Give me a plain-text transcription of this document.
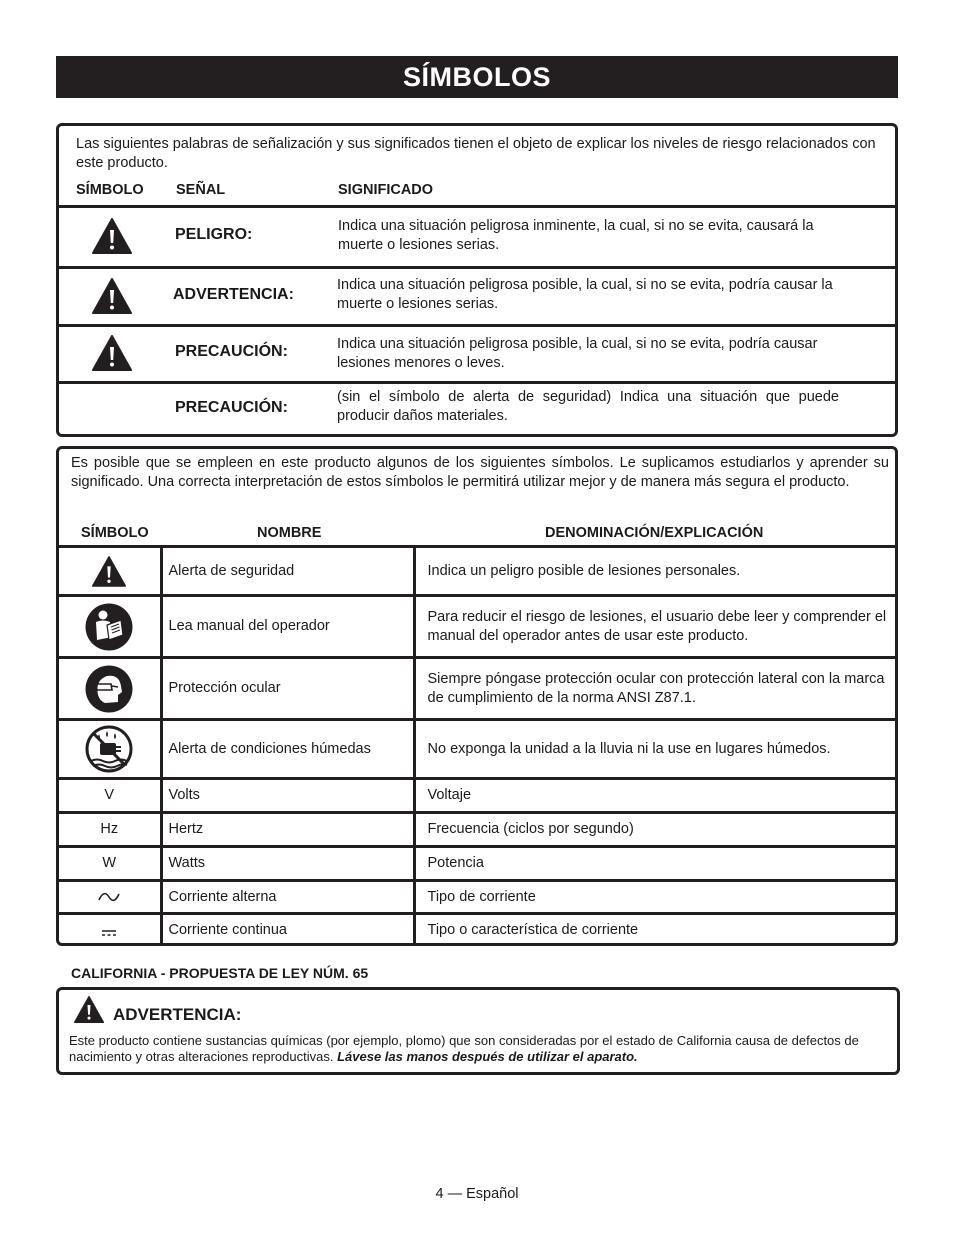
SÍMBOLOS
Las siguientes palabras de señalización y sus significados tienen el objeto de explicar los niveles de riesgo relacionados con este producto.
SÍMBOLO SEÑAL	SIGNIFICADO
PELIGRO:	Indica una situación peligrosa inminente, la cual, si no se evita, causará la muerte o lesiones serias.
ADVERTENCIA:
Indica una situación peligrosa posible, la cual, si no se evita, podría causar la muerte o lesiones serias.
PRECAUCIÓN:	Indica una situación peligrosa posible, la cual, si no se evita, podría causar lesiones menores o leves.
PRECAUCIÓN:
(sin el símbolo de alerta de seguridad) Indica una situación que puede producir daños materiales.
Es posible que se empleen en este producto algunos de los siguientes símbolos. Le suplicamos estudiarlos y aprender su significado. Una correcta interpretación de estos símbolos le permitirá utilizar mejor y de manera más segura el producto.
SÍMBOLO	NOMBRE	DENOMINACIÓN/EXPLICACIÓN
	Alerta de seguridad	Indica un peligro posible de lesiones personales.

	Lea manual del operador	Para reducir el riesgo de lesiones, el usuario debe leer y comprender el manual del operador antes de usar este producto.

	Protección ocular	Siempre póngase protección ocular con protección lateral con la marca de cumplimiento de la norma ANSI Z87.1.

	Alerta de condiciones húmedas	No exponga la unidad a la lluvia ni la use en lugares húmedos.
V	Volts	Voltaje
Hz	Hertz	Frecuencia (ciclos por segundo)
W	Watts	Potencia

	Corriente alterna	Tipo de corriente

	Corriente continua	Tipo o característica de corriente
CALIFORNIA - PROPUESTA DE LEY NÚM. 65
ADVERTENCIA:
Este producto contiene sustancias químicas (por ejemplo, plomo) que son consideradas por el estado de California causa de defectos de nacimiento y otras alteraciones reproductivas. Lávese las manos después de utilizar el aparato.
4 — Español
